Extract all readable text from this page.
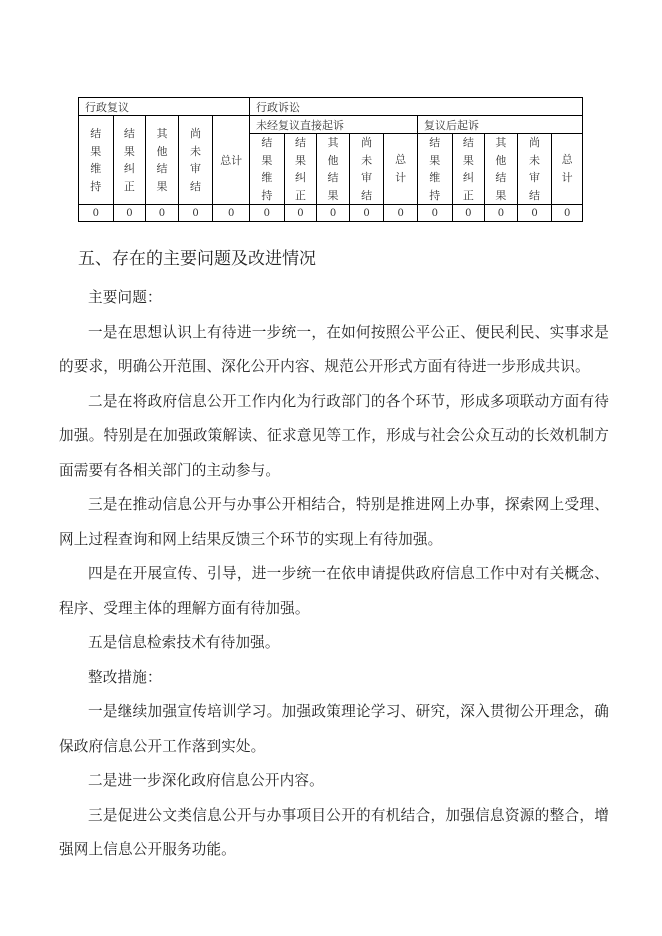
行政复议					行政诉讼									
结果维持	结果纠正	其他结果	尚未审结	总计	未经复议直接起诉					复议后起诉				
					结果维持	结果纠正	其他结果	尚未审结	总计	结果维持	结果纠正	其他结果	尚未审结	总计
0	0	0	0	0	0	0	0	0	0	0	0	0	0	0
五、存在的主要问题及改进情况

主要问题：

一是在思想认识上有待进一步统一，在如何按照公平公正、便民利民、实事求是的要求，明确公开范围、深化公开内容、规范公开形式方面有待进一步形成共识。

二是在将政府信息公开工作内化为行政部门的各个环节，形成多项联动方面有待加强。特别是在加强政策解读、征求意见等工作，形成与社会公众互动的长效机制方面需要有各相关部门的主动参与。

三是在推动信息公开与办事公开相结合，特别是推进网上办事，探索网上受理、网上过程查询和网上结果反馈三个环节的实现上有待加强。

四是在开展宣传、引导，进一步统一在依申请提供政府信息工作中对有关概念、程序、受理主体的理解方面有待加强。

五是信息检索技术有待加强。

整改措施：

一是继续加强宣传培训学习。加强政策理论学习、研究，深入贯彻公开理念，确保政府信息公开工作落到实处。

二是进一步深化政府信息公开内容。

三是促进公文类信息公开与办事项目公开的有机结合，加强信息资源的整合，增强网上信息公开服务功能。
